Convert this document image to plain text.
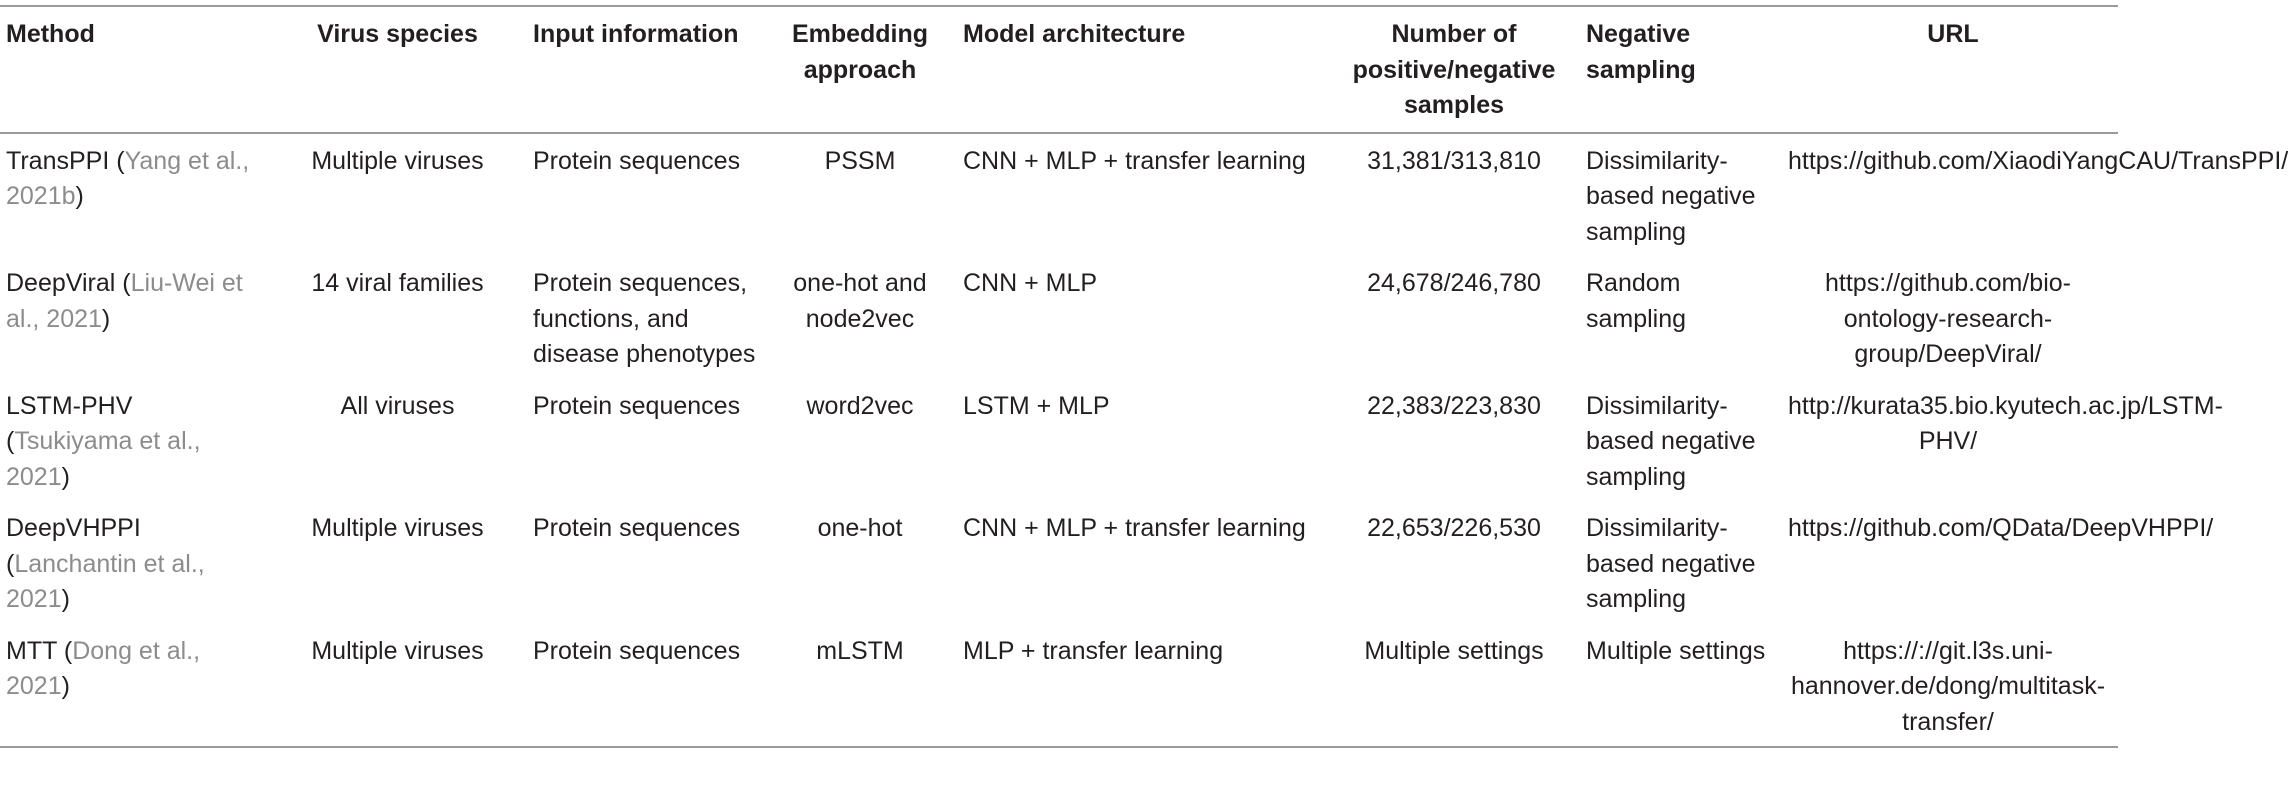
Method	Virus species	Input information	Embedding approach	Model architecture	Number of positive/negative samples	Negative sampling	URL
TransPPI (Yang et al., 2021b)	Multiple viruses	Protein sequences	PSSM	CNN + MLP + transfer learning	31,381/313,810	Dissimilarity-based negative sampling	https://github.com/XiaodiYangCAU/TransPPI/
DeepViral (Liu-Wei et al., 2021)	14 viral families	Protein sequences, functions, and disease phenotypes	one-hot and node2vec	CNN + MLP	24,678/246,780	Random sampling	https://github.com/bio-ontology-research-group/DeepViral/
LSTM-PHV (Tsukiyama et al., 2021)	All viruses	Protein sequences	word2vec	LSTM + MLP	22,383/223,830	Dissimilarity-based negative sampling	http://kurata35.bio.kyutech.ac.jp/LSTM-PHV/
DeepVHPPI (Lanchantin et al., 2021)	Multiple viruses	Protein sequences	one-hot	CNN + MLP + transfer learning	22,653/226,530	Dissimilarity-based negative sampling	https://github.com/QData/DeepVHPPI/
MTT (Dong et al., 2021)	Multiple viruses	Protein sequences	mLSTM	MLP + transfer learning	Multiple settings	Multiple settings	https://://git.l3s.uni-hannover.de/dong/multitask-transfer/
